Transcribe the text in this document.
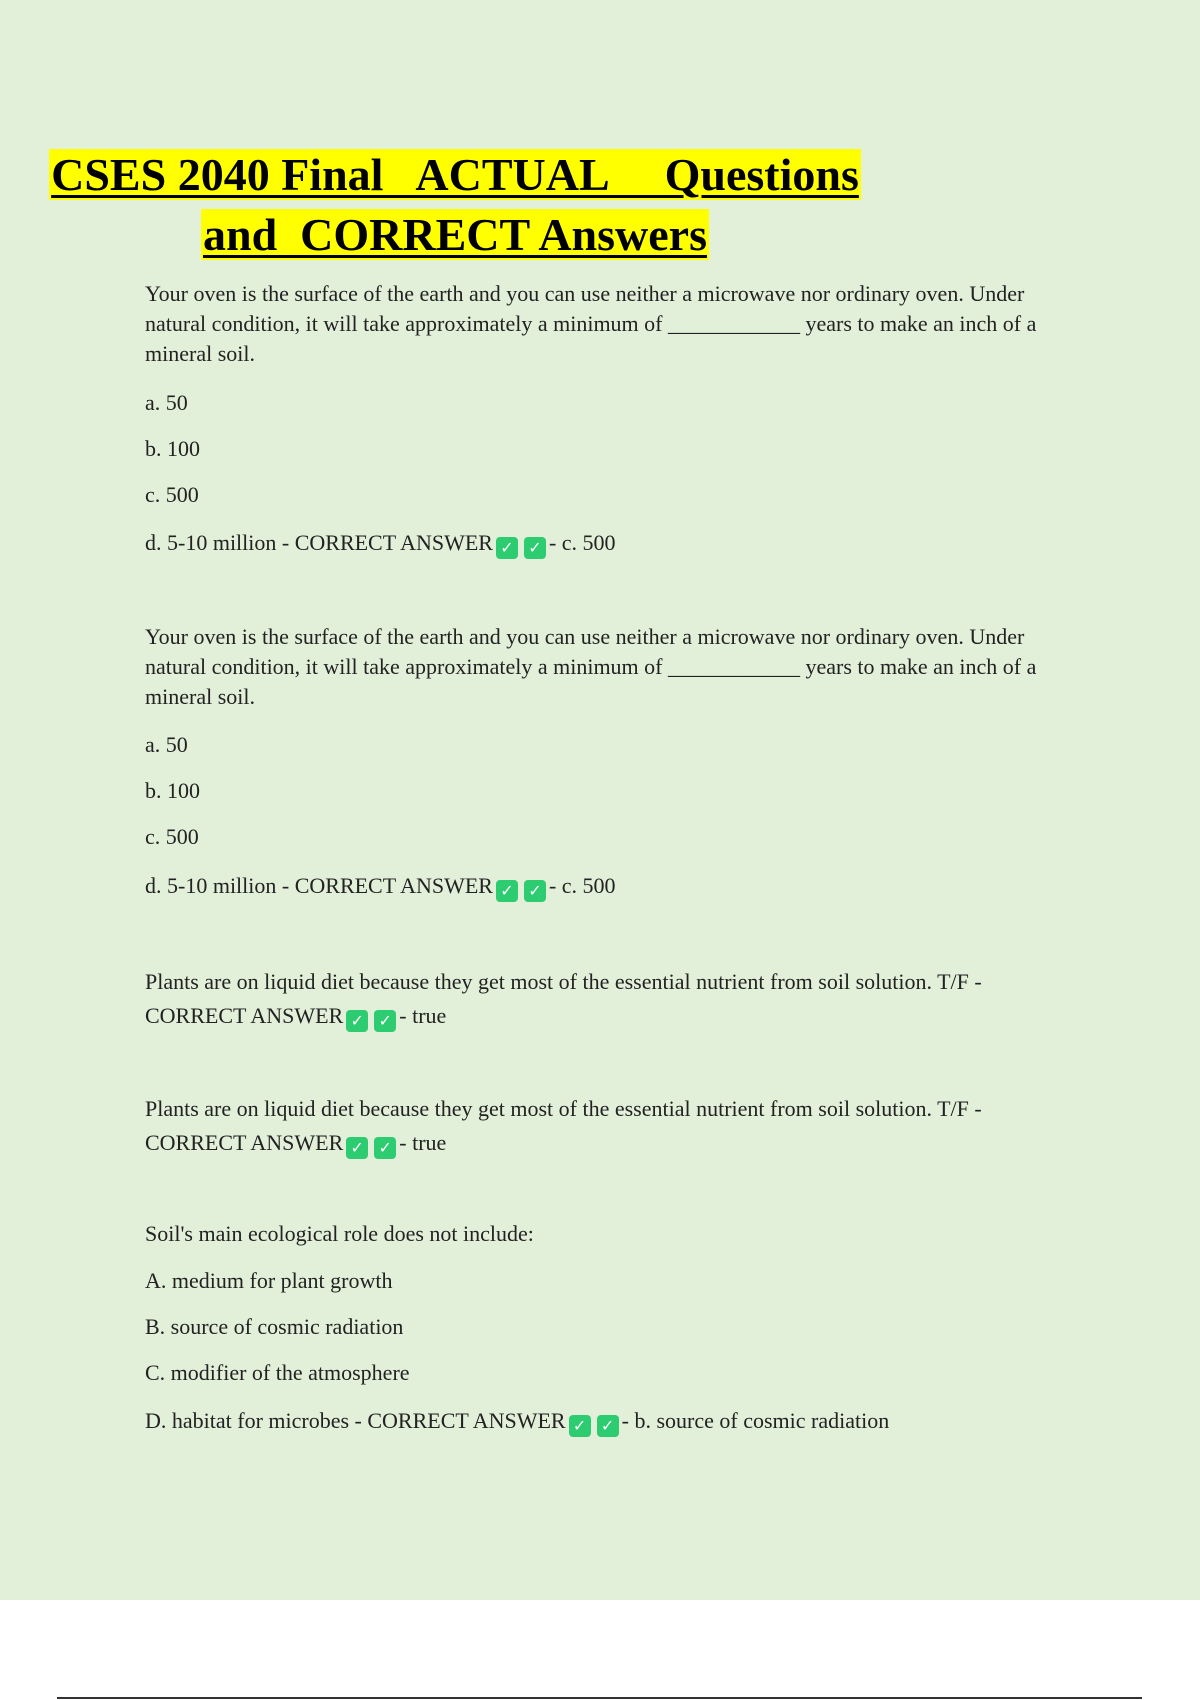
CSES 2040 Final   ACTUAL     Questions
and  CORRECT Answers

Your oven is the surface of the earth and you can use neither a microwave nor ordinary oven. Under natural condition, it will take approximately a minimum of ____________ years to make an inch of a mineral soil.

a. 50

b. 100

c. 500

d. 5-10 million - CORRECT ANSWER ✓ ✓ - c. 500

Your oven is the surface of the earth and you can use neither a microwave nor ordinary oven. Under natural condition, it will take approximately a minimum of ____________ years to make an inch of a mineral soil.

a. 50

b. 100

c. 500

d. 5-10 million - CORRECT ANSWER ✓ ✓ - c. 500

Plants are on liquid diet because they get most of the essential nutrient from soil solution. T/F - CORRECT ANSWER ✓ ✓ - true

Plants are on liquid diet because they get most of the essential nutrient from soil solution. T/F - CORRECT ANSWER ✓ ✓ - true

Soil's main ecological role does not include:

A. medium for plant growth

B. source of cosmic radiation

C. modifier of the atmosphere

D. habitat for microbes - CORRECT ANSWER ✓ ✓ - b. source of cosmic radiation
